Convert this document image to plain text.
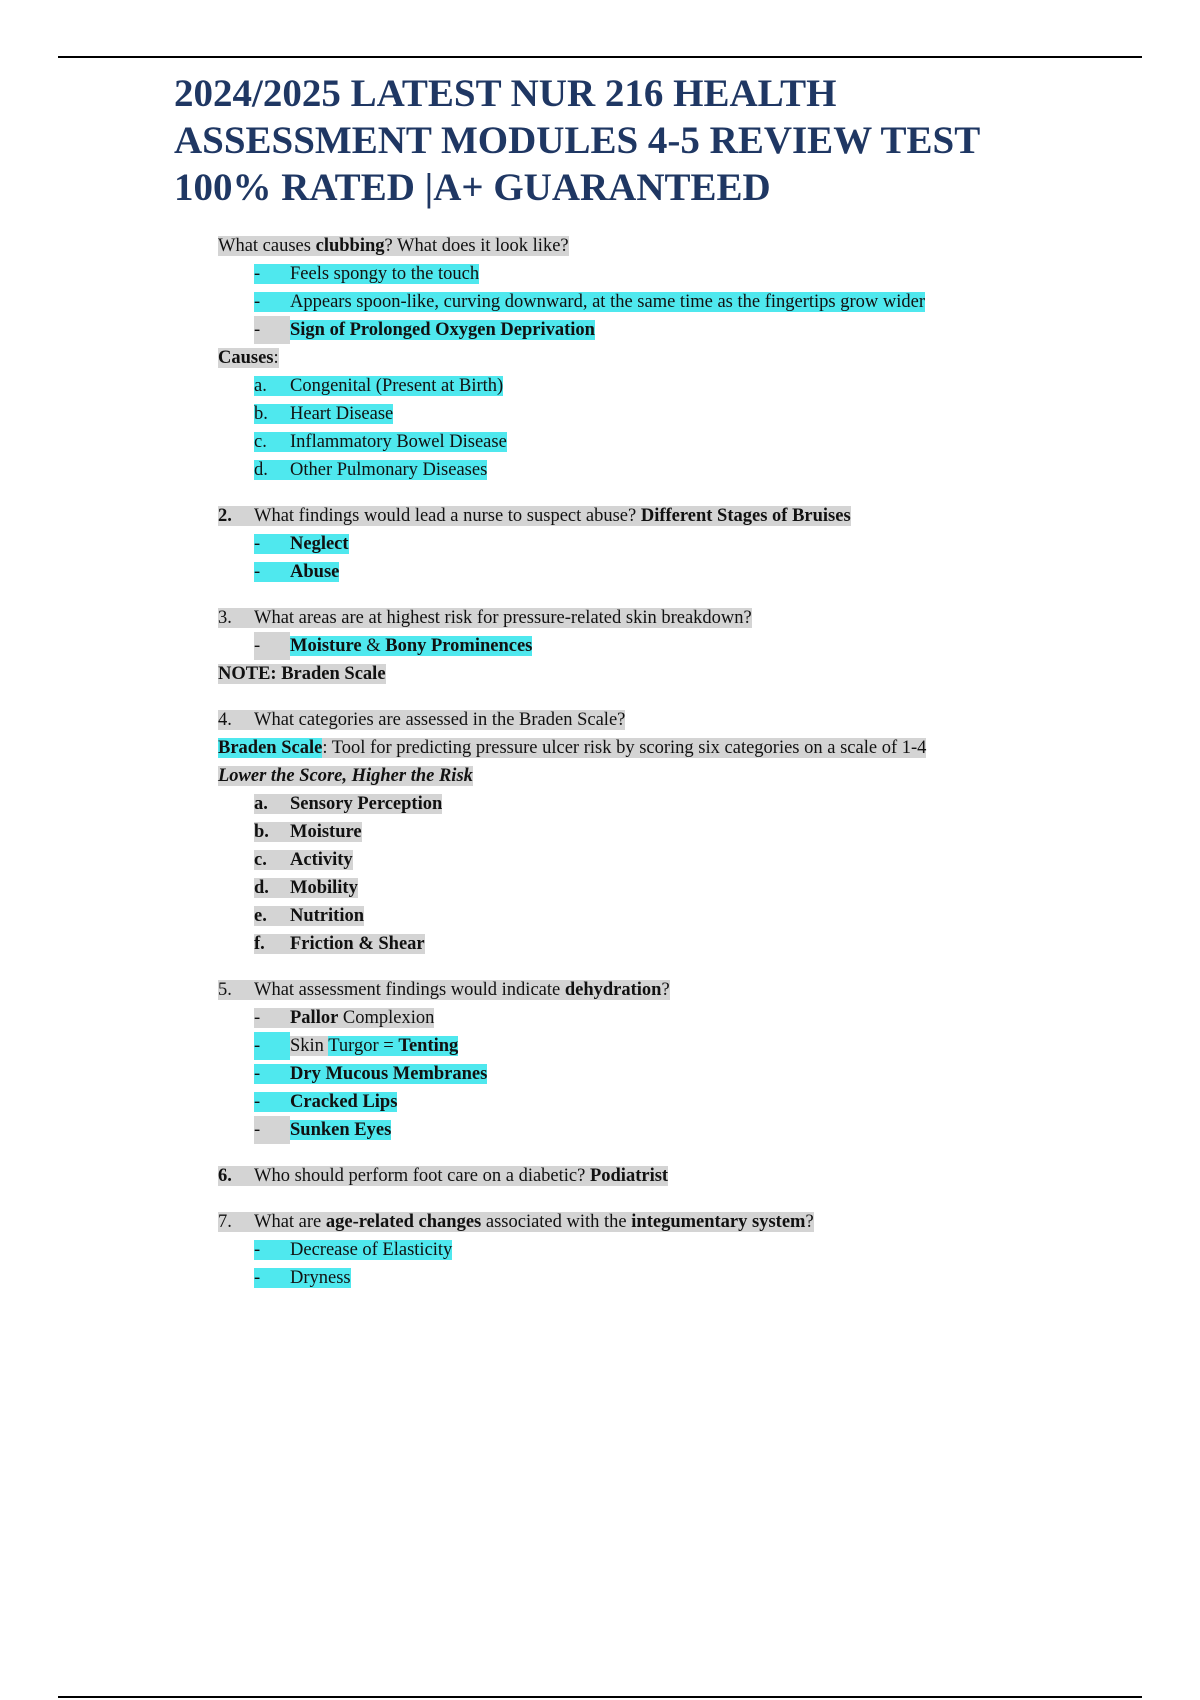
2024/2025 LATEST NUR 216 HEALTH ASSESSMENT MODULES 4-5 REVIEW TEST 100% RATED |A+ GUARANTEED
What causes clubbing? What does it look like?
- Feels spongy to the touch
- Appears spoon-like, curving downward, at the same time as the fingertips grow wider
- Sign of Prolonged Oxygen Deprivation
Causes:
a. Congenital (Present at Birth)
b. Heart Disease
c. Inflammatory Bowel Disease
d. Other Pulmonary Diseases
2. What findings would lead a nurse to suspect abuse? Different Stages of Bruises
- Neglect
- Abuse
3. What areas are at highest risk for pressure-related skin breakdown?
- Moisture & Bony Prominences
NOTE: Braden Scale
4. What categories are assessed in the Braden Scale?
Braden Scale: Tool for predicting pressure ulcer risk by scoring six categories on a scale of 1-4
Lower the Score, Higher the Risk
a. Sensory Perception
b. Moisture
c. Activity
d. Mobility
e. Nutrition
f. Friction & Shear
5. What assessment findings would indicate dehydration?
- Pallor Complexion
- Skin Turgor = Tenting
- Dry Mucous Membranes
- Cracked Lips
- Sunken Eyes
6. Who should perform foot care on a diabetic? Podiatrist
7. What are age-related changes associated with the integumentary system?
- Decrease of Elasticity
- Dryness
